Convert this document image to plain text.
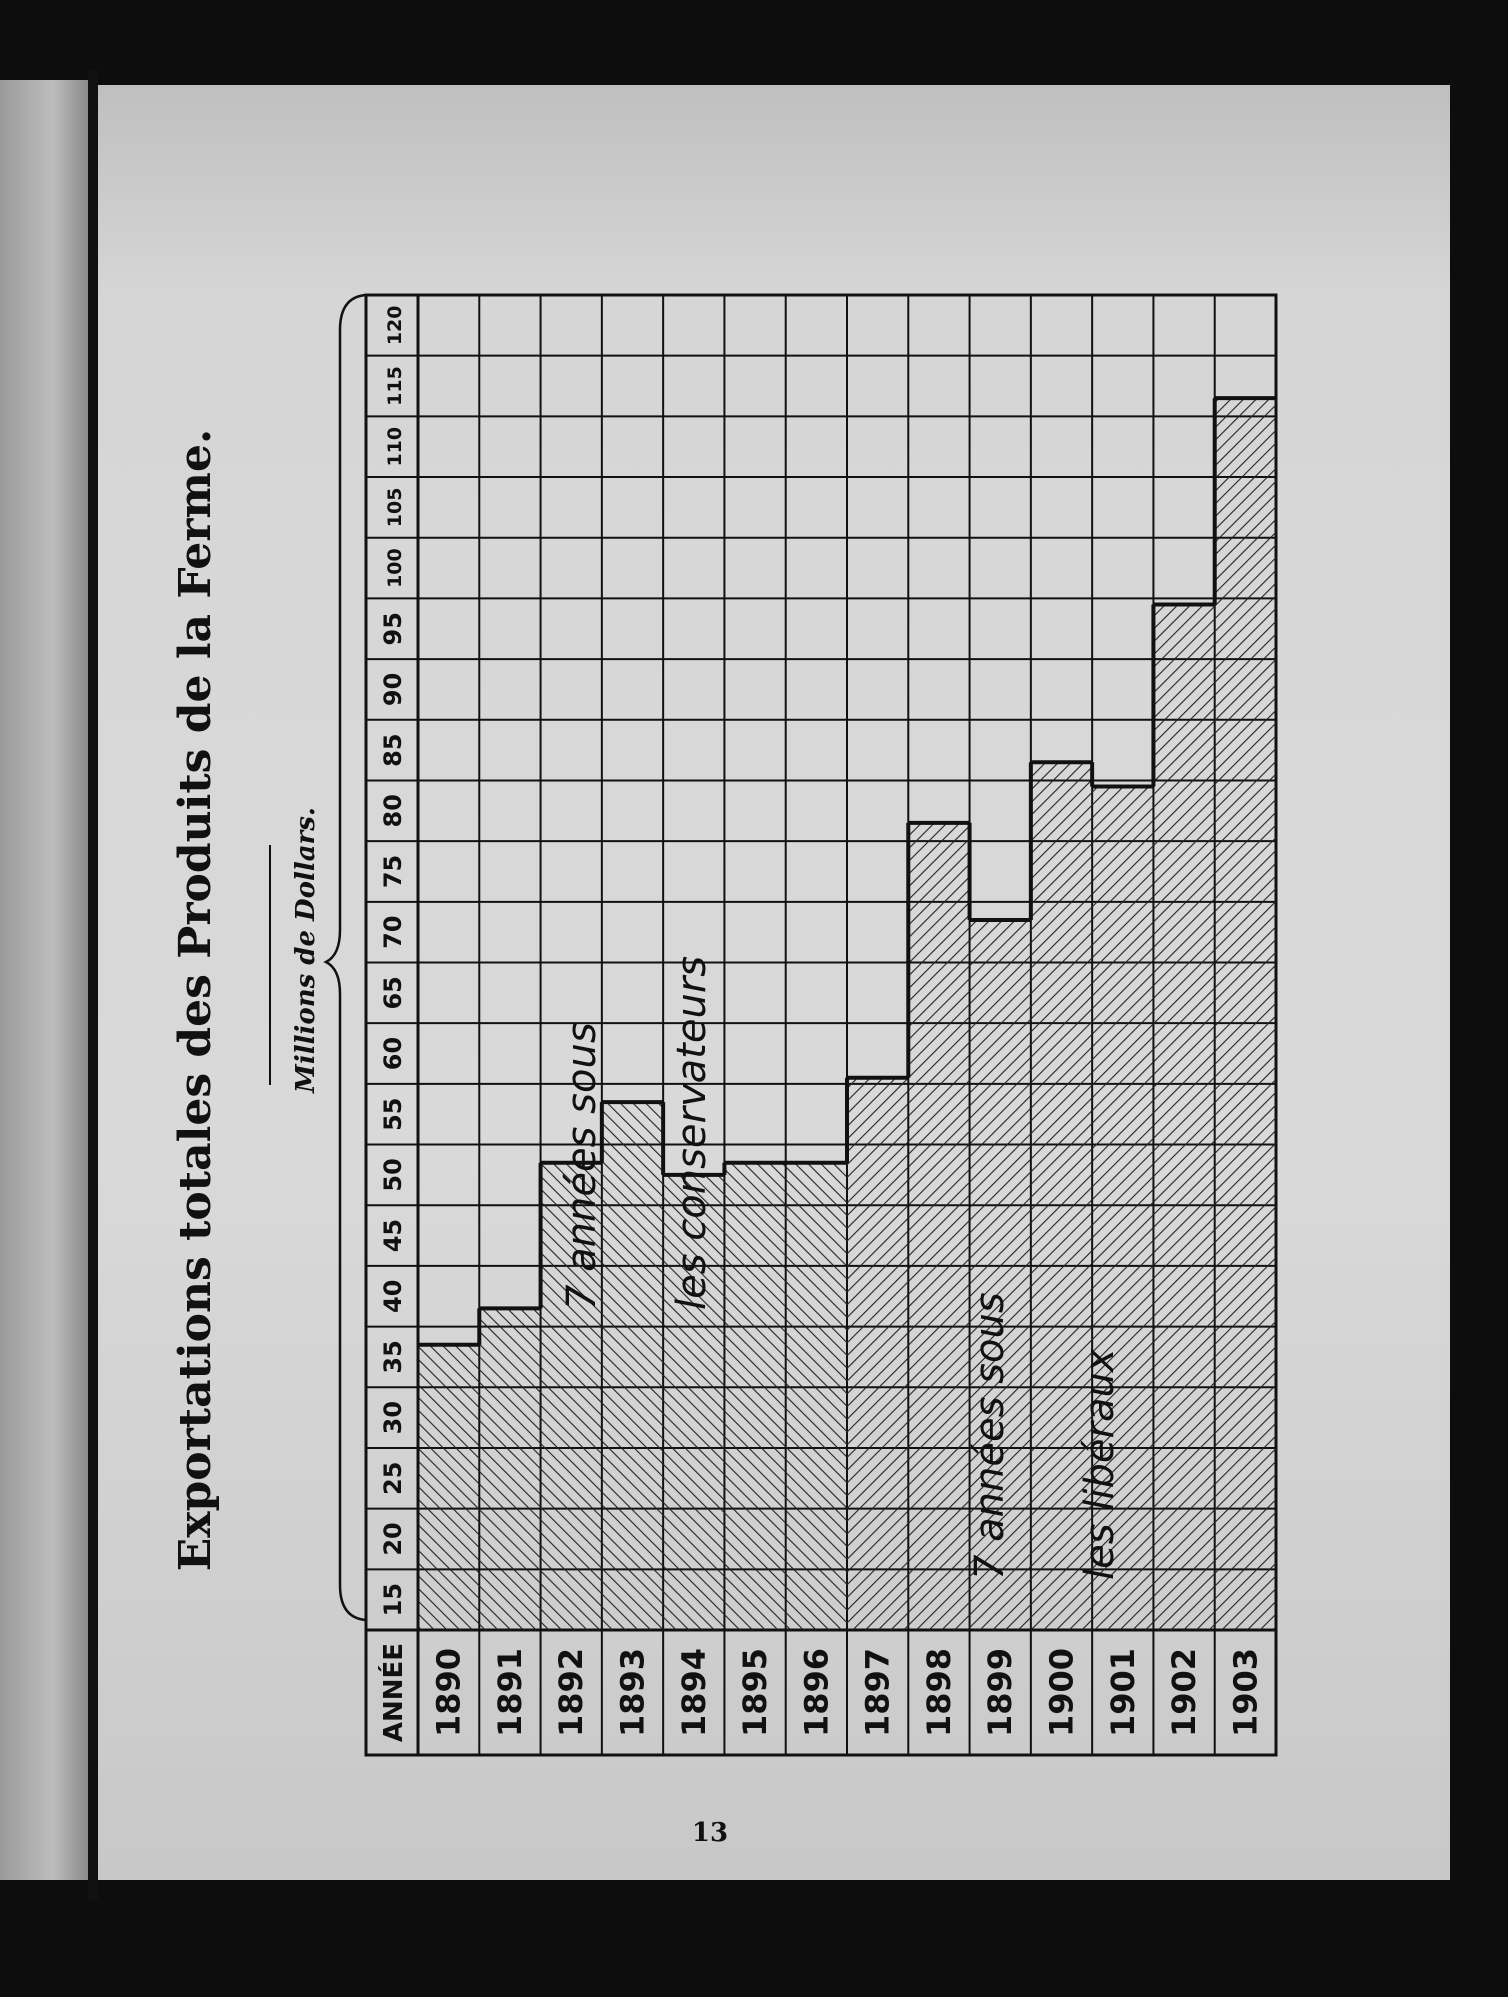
Exportations totales des Produits de la Ferme.	Millions de Dollars.
15
20
25
30
35
40
45
50
55
60
65
70
75
80
85
90
95
100
105
110
115
120
ANNÉE 1890 1891 1892 1893 1894 1895 1896 1897 1898 1899 1900 1901 1902 1903
7 années sous les conservateurs
7 années sous les libéraux
13
